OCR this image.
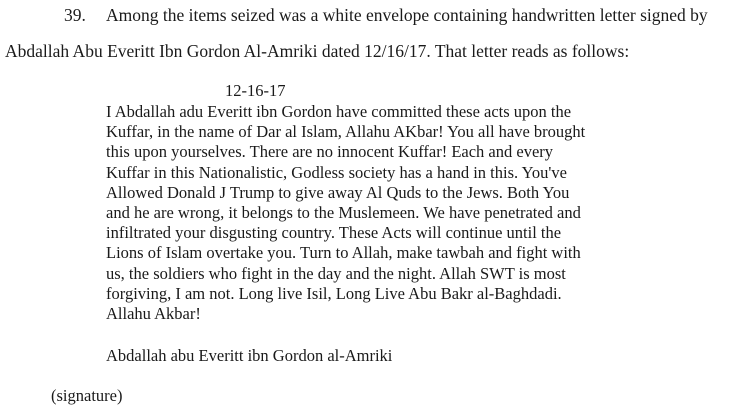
39. Among the items seized was a white envelope containing handwritten letter signed by
Abdallah Abu Everitt Ibn Gordon Al-Amriki dated 12/16/17. That letter reads as follows:
12-16-17
I Abdallah adu Everitt ibn Gordon have committed these acts upon the
Kuffar, in the name of Dar al Islam, Allahu AKbar! You all have brought
this upon yourselves. There are no innocent Kuffar! Each and every
Kuffar in this Nationalistic, Godless society has a hand in this. You've
Allowed Donald J Trump to give away Al Quds to the Jews. Both You
and he are wrong, it belongs to the Muslemeen. We have penetrated and
infiltrated your disgusting country. These Acts will continue until the
Lions of Islam overtake you. Turn to Allah, make tawbah and fight with
us, the soldiers who fight in the day and the night. Allah SWT is most
forgiving, I am not. Long live Isil, Long Live Abu Bakr al-Baghdadi.
Allahu Akbar!
Abdallah abu Everitt ibn Gordon al-Amriki
(signature)
